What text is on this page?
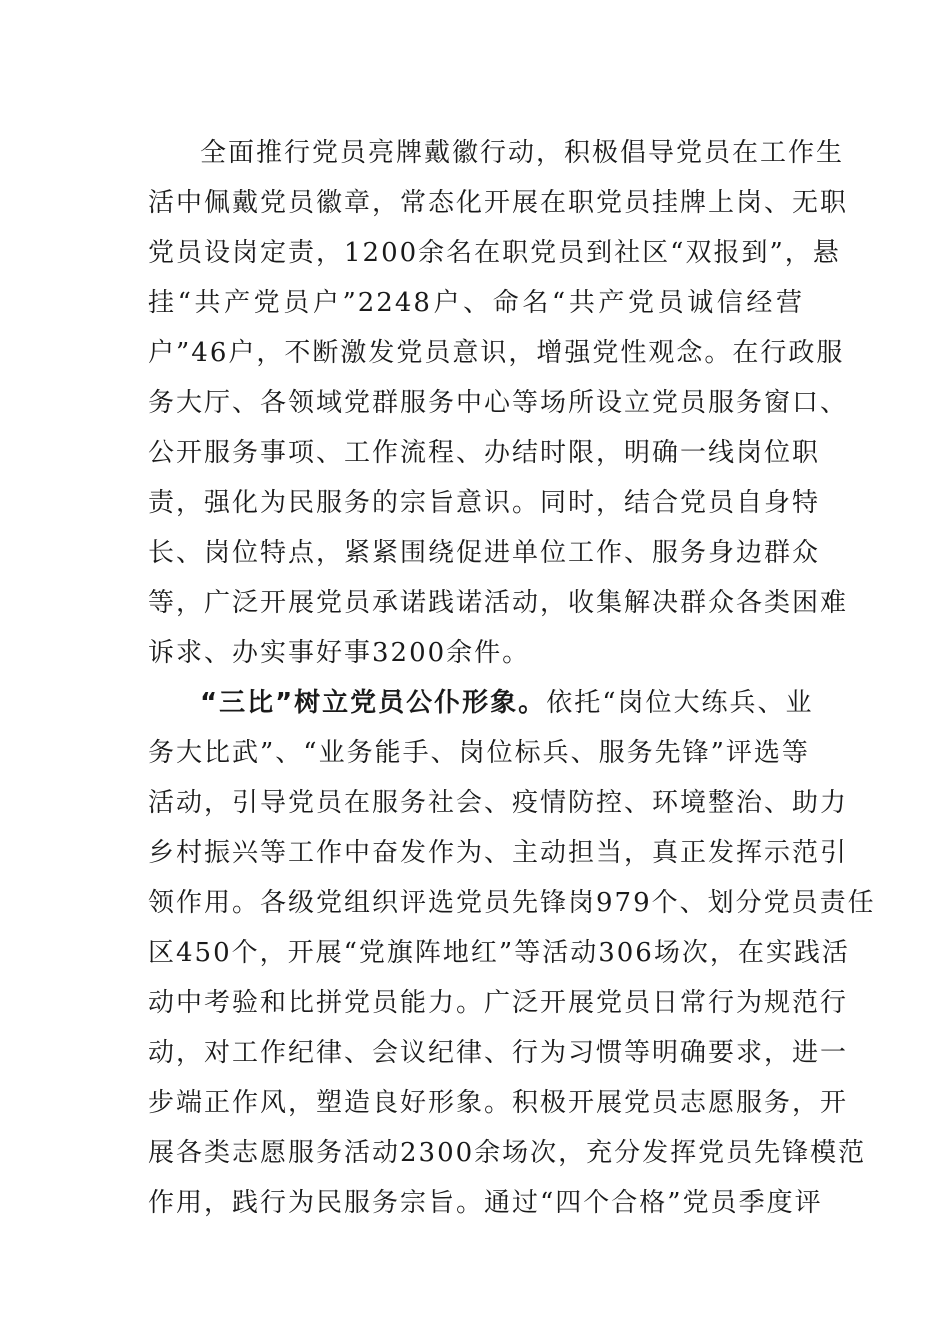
全面推行党员亮牌戴徽行动，积极倡导党员在工作生
活中佩戴党员徽章，常态化开展在职党员挂牌上岗、无职
党员设岗定责，1200余名在职党员到社区“双报到”，悬
挂“共产党员户”2248户、命名“共产党员诚信经营
户”46户，不断激发党员意识，增强党性观念。在行政服
务大厅、各领域党群服务中心等场所设立党员服务窗口、
公开服务事项、工作流程、办结时限，明确一线岗位职
责，强化为民服务的宗旨意识。同时，结合党员自身特
长、岗位特点，紧紧围绕促进单位工作、服务身边群众
等，广泛开展党员承诺践诺活动，收集解决群众各类困难
诉求、办实事好事3200余件。
“三比”树立党员公仆形象。依托“岗位大练兵、业
务大比武”、“业务能手、岗位标兵、服务先锋”评选等
活动，引导党员在服务社会、疫情防控、环境整治、助力
乡村振兴等工作中奋发作为、主动担当，真正发挥示范引
领作用。各级党组织评选党员先锋岗979个、划分党员责任
区450个，开展“党旗阵地红”等活动306场次，在实践活
动中考验和比拼党员能力。广泛开展党员日常行为规范行
动，对工作纪律、会议纪律、行为习惯等明确要求，进一
步端正作风，塑造良好形象。积极开展党员志愿服务，开
展各类志愿服务活动2300余场次，充分发挥党员先锋模范
作用，践行为民服务宗旨。通过“四个合格”党员季度评
